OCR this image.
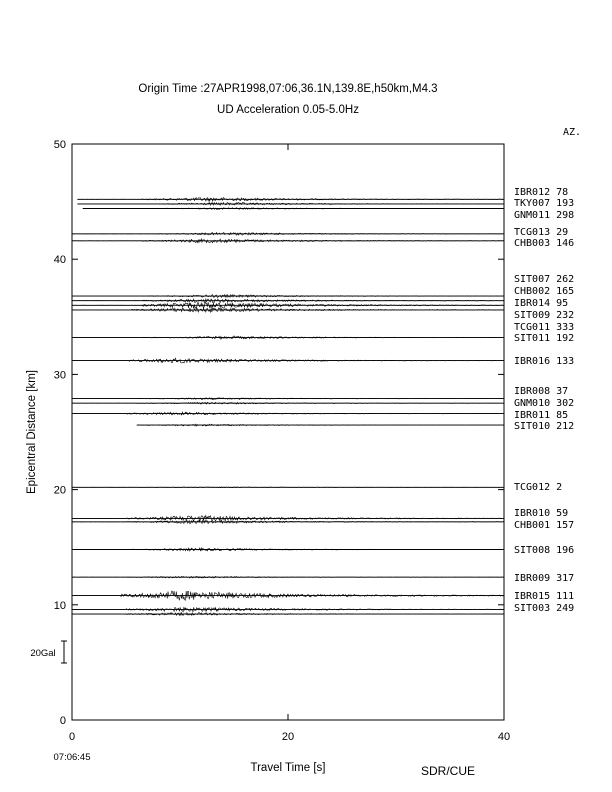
Origin Time :27APR1998,07:06,36.1N,139.8E,h50km,M4.3
UD Acceleration 0.05-5.0Hz
AZ.
0
10
20
30
40
50
0	20	40
IBR012 78
TKY007 193
GNM011 298
TCG013 29
CHB003 146
SIT007 262
CHB002 165
IBR014 95
SIT009 232
TCG011 333
SIT011 192
IBR016 133
IBR008 37
GNM010 302
IBR011 85
SIT010 212
TCG012 2
IBR010 59
CHB001 157
SIT008 196
IBR009 317
IBR015 111
SIT003 249
Epicentral Distance [km]
Travel Time [s]
07:06:45
SDR/CUE
20Gal
